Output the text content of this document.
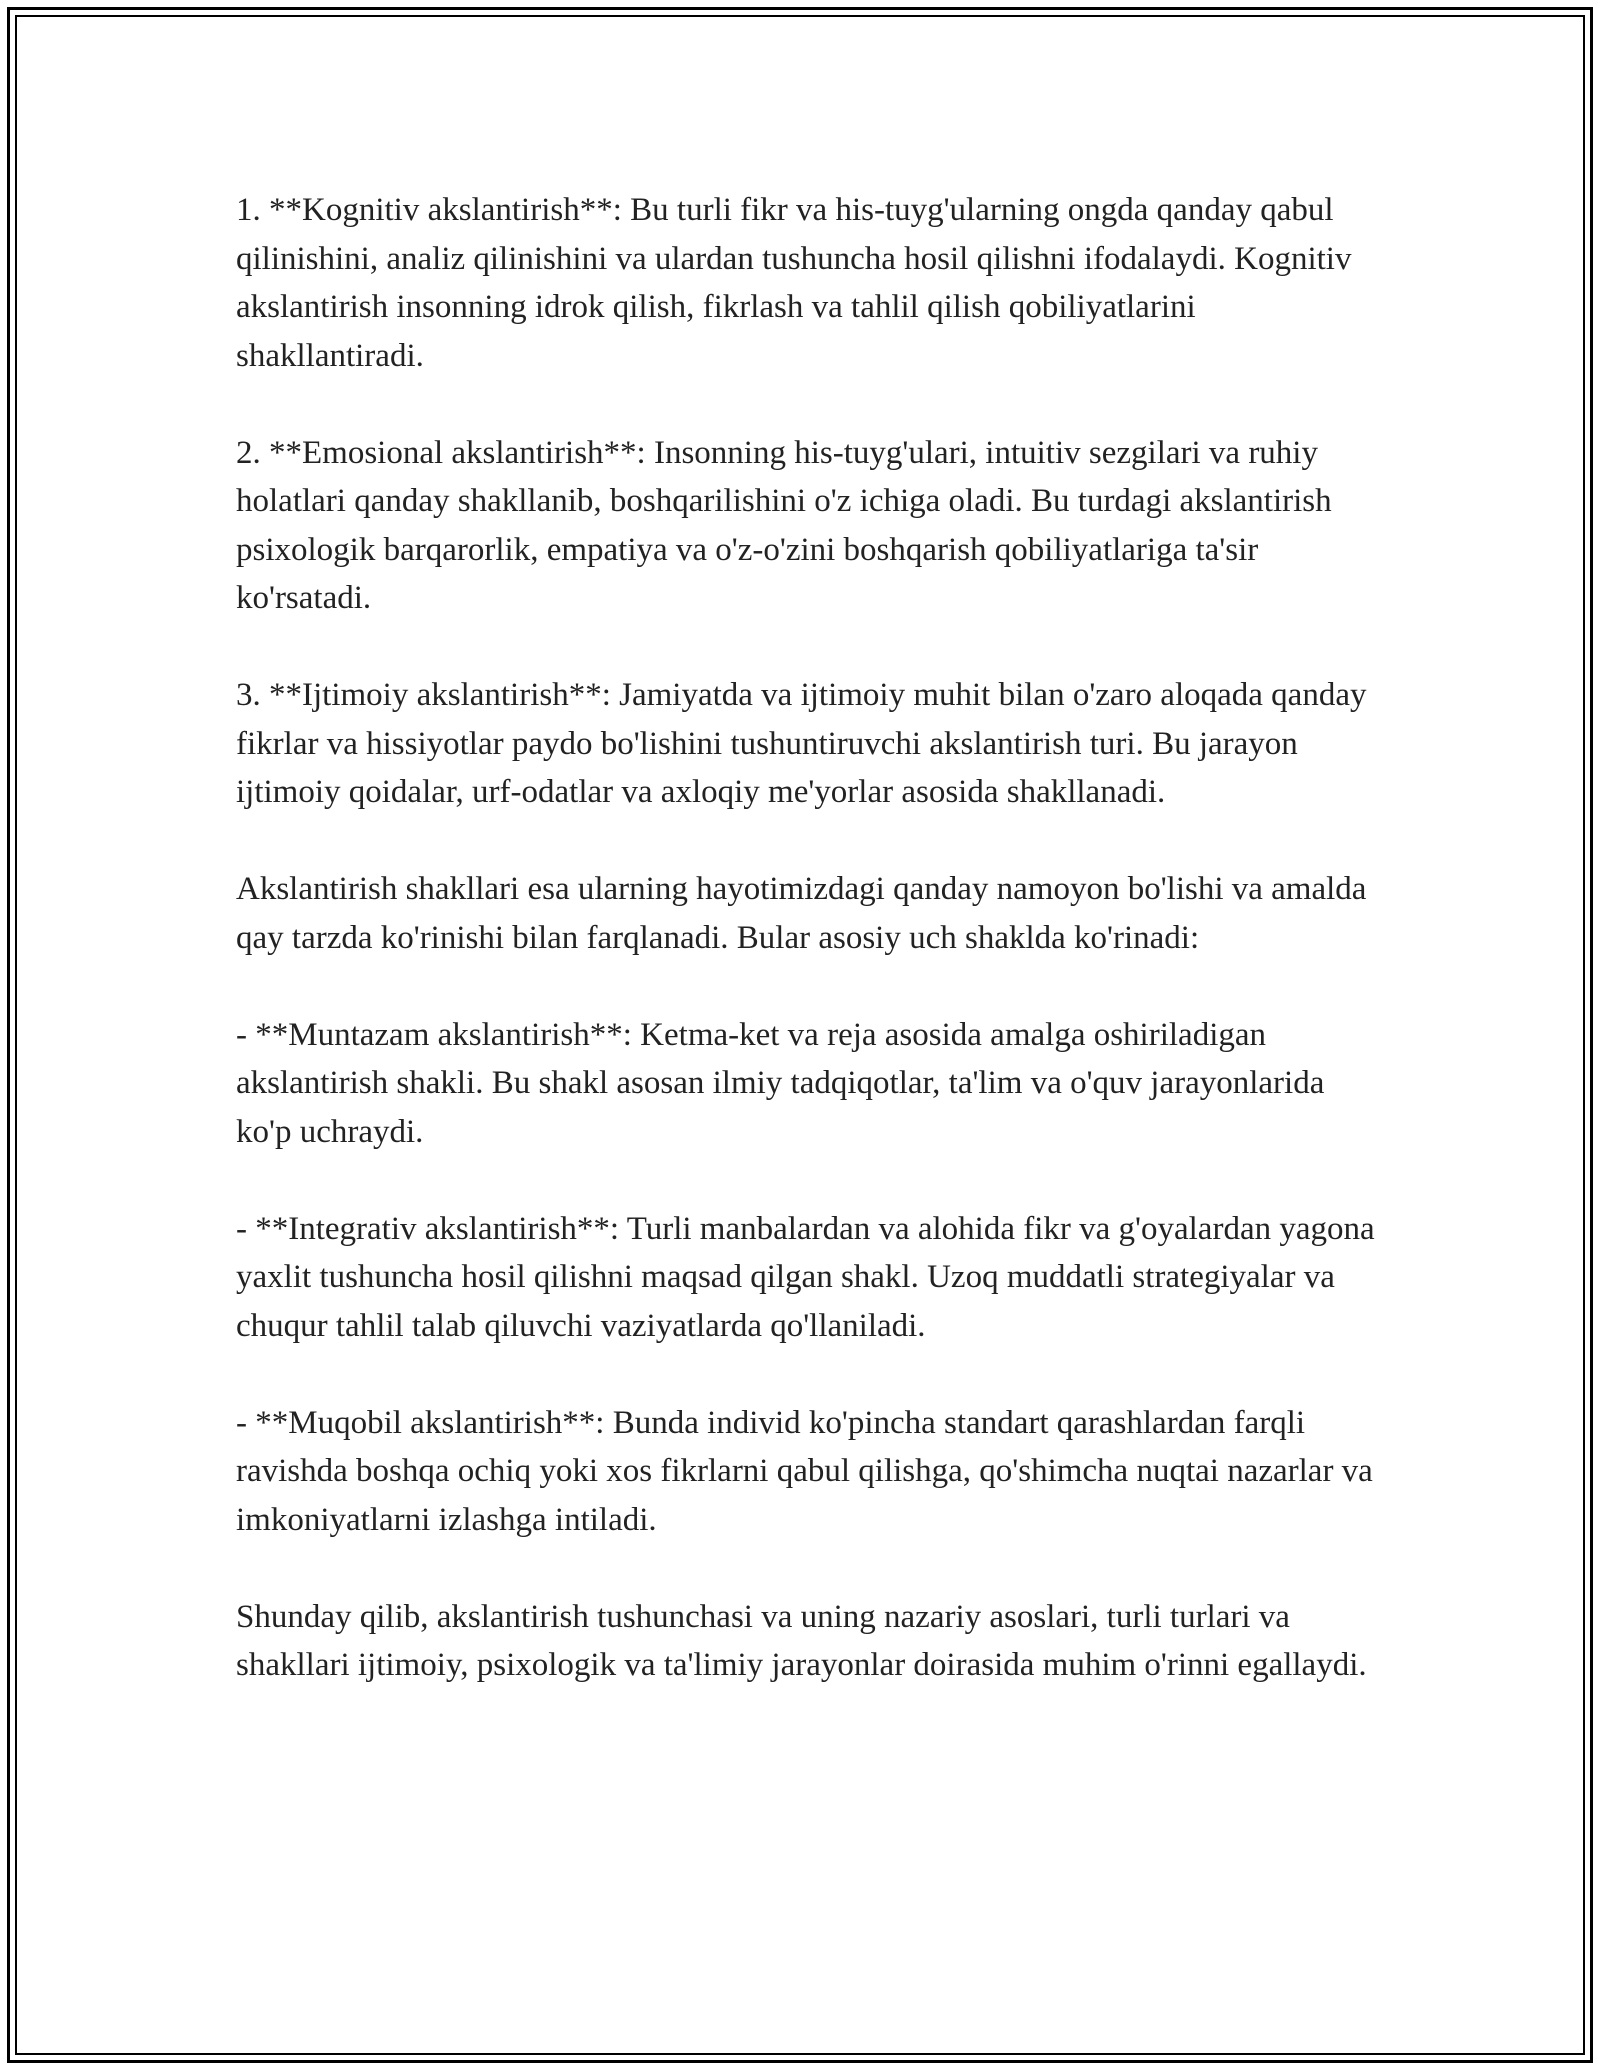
1. **Kognitiv akslantirish**: Bu turli fikr va his-tuyg'ularning ongda qanday qabul qilinishini, analiz qilinishini va ulardan tushuncha hosil qilishni ifodalaydi. Kognitiv akslantirish insonning idrok qilish, fikrlash va tahlil qilish qobiliyatlarini shakllantiradi.

2. **Emosional akslantirish**: Insonning his-tuyg'ulari, intuitiv sezgilari va ruhiy holatlari qanday shakllanib, boshqarilishini o'z ichiga oladi. Bu turdagi akslantirish psixologik barqarorlik, empatiya va o'z-o'zini boshqarish qobiliyatlariga ta'sir ko'rsatadi.

3. **Ijtimoiy akslantirish**: Jamiyatda va ijtimoiy muhit bilan o'zaro aloqada qanday fikrlar va hissiyotlar paydo bo'lishini tushuntiruvchi akslantirish turi. Bu jarayon ijtimoiy qoidalar, urf-odatlar va axloqiy me'yorlar asosida shakllanadi.

Akslantirish shakllari esa ularning hayotimizdagi qanday namoyon bo'lishi va amalda qay tarzda ko'rinishi bilan farqlanadi. Bular asosiy uch shaklda ko'rinadi:

- **Muntazam akslantirish**: Ketma-ket va reja asosida amalga oshiriladigan akslantirish shakli. Bu shakl asosan ilmiy tadqiqotlar, ta'lim va o'quv jarayonlarida ko'p uchraydi.

- **Integrativ akslantirish**: Turli manbalardan va alohida fikr va g'oyalardan yagona yaxlit tushuncha hosil qilishni maqsad qilgan shakl. Uzoq muddatli strategiyalar va chuqur tahlil talab qiluvchi vaziyatlarda qo'llaniladi.

- **Muqobil akslantirish**: Bunda individ ko'pincha standart qarashlardan farqli ravishda boshqa ochiq yoki xos fikrlarni qabul qilishga, qo'shimcha nuqtai nazarlar va imkoniyatlarni izlashga intiladi.

Shunday qilib, akslantirish tushunchasi va uning nazariy asoslari, turli turlari va shakllari ijtimoiy, psixologik va ta'limiy jarayonlar doirasida muhim o'rinni egallaydi.
